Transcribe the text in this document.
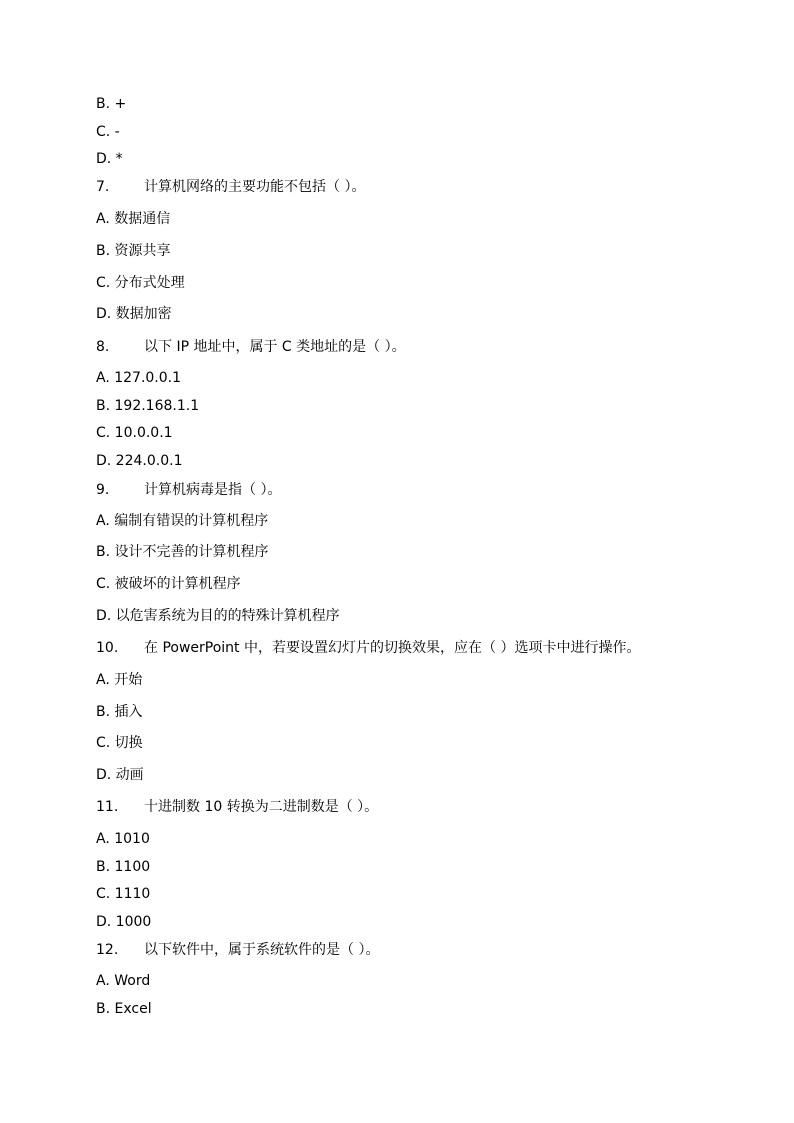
B. +
C. -
D. *
7. 计算机网络的主要功能不包括（ ）。
A. 数据通信
B. 资源共享
C. 分布式处理
D. 数据加密
8. 以下 IP 地址中，属于 C 类地址的是（ ）。
A. 127.0.0.1
B. 192.168.1.1
C. 10.0.0.1
D. 224.0.0.1
9. 计算机病毒是指（ ）。
A. 编制有错误的计算机程序
B. 设计不完善的计算机程序
C. 被破坏的计算机程序
D. 以危害系统为目的的特殊计算机程序
10. 在 PowerPoint 中，若要设置幻灯片的切换效果，应在（ ）选项卡中进行操作。
A. 开始
B. 插入
C. 切换
D. 动画
11. 十进制数 10 转换为二进制数是（ ）。
A. 1010
B. 1100
C. 1110
D. 1000
12. 以下软件中，属于系统软件的是（ ）。
A. Word
B. Excel
